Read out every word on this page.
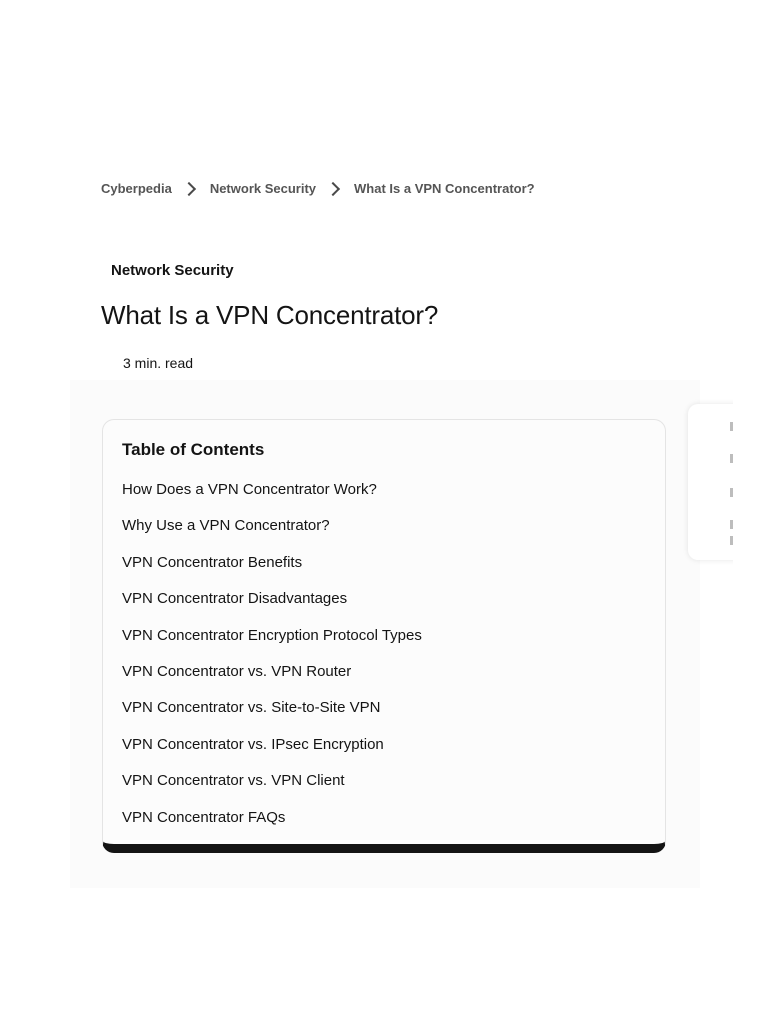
Cyberpedia	Network Security	What Is a VPN Concentrator?
Network Security
What Is a VPN Concentrator?
3 min. read
Table of Contents
How Does a VPN Concentrator Work?
Why Use a VPN Concentrator?
VPN Concentrator Benefits
VPN Concentrator Disadvantages
VPN Concentrator Encryption Protocol Types
VPN Concentrator vs. VPN Router
VPN Concentrator vs. Site-to-Site VPN
VPN Concentrator vs. IPsec Encryption
VPN Concentrator vs. VPN Client
VPN Concentrator FAQs
